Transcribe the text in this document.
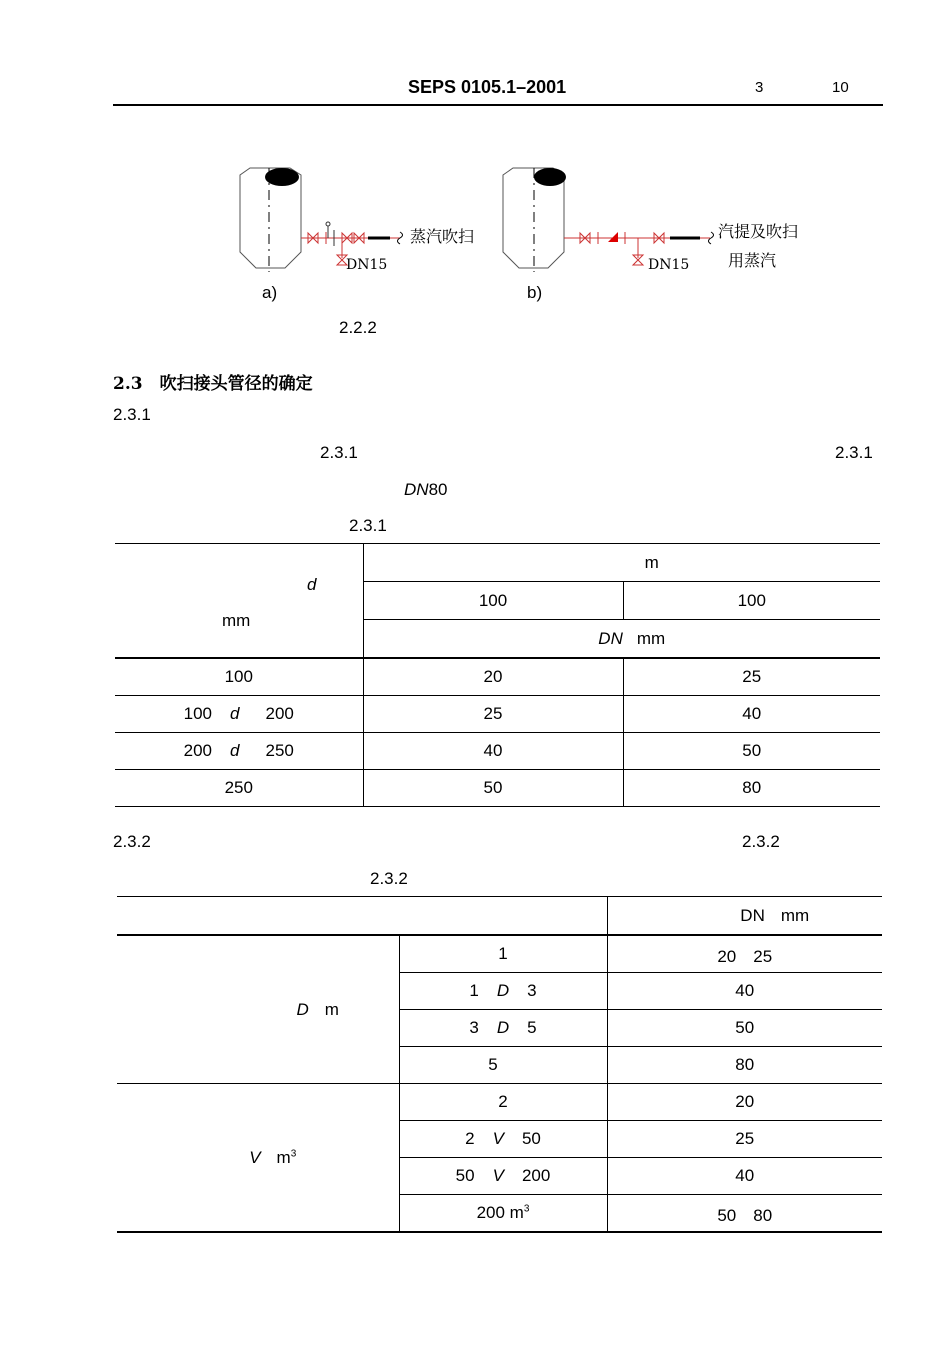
SEPS 0105.1–2001	3	10
蒸汽吹扫
DN15
汽提及吹扫
用蒸汽
DN15
a)	b)
2.2.2
2.3　吹扫接头管径的确定
2.3.1
2.3.1	2.3.1
DN80
2.3.1
d
mm	m	
	100	100
	DN mm	
100	20	25
100 d 200	25	40
200 d 250	40	50
250	50	80
2.3.2	2.3.2
2.3.2
		DN mm
D m	1	20　25
	1 D 3	40
	3 D 5	50
	5	80
V $m^3$	2	20
	2 V 50	25
	50 V 200	40
	200 $m^3$	50　80
